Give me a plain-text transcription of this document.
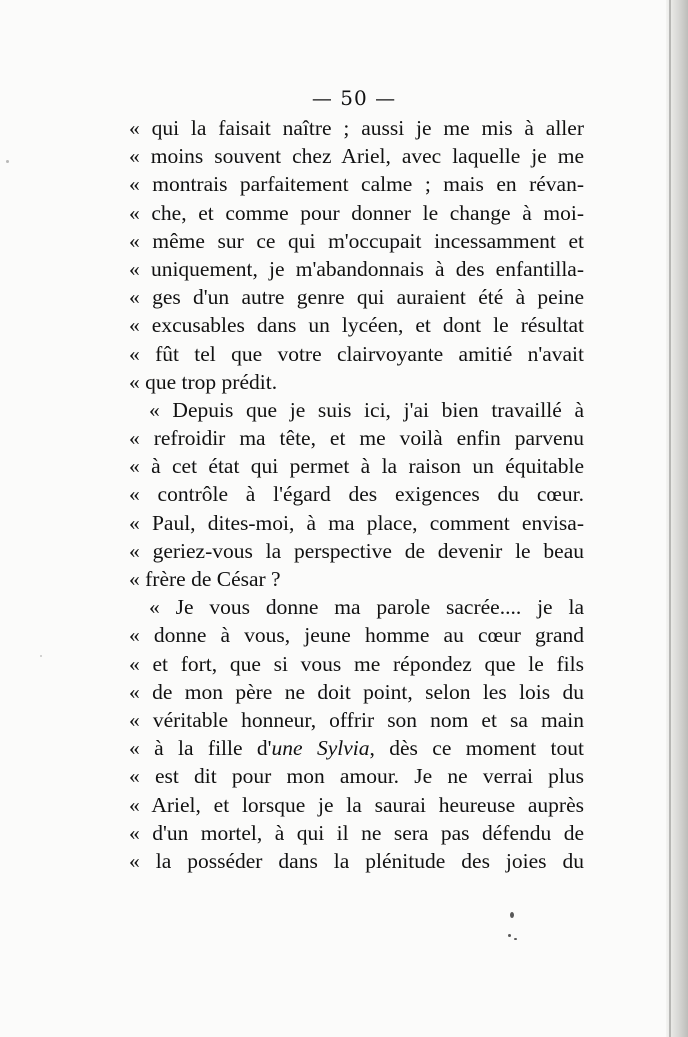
— 50 —
« qui la faisait naître ; aussi je me mis à aller
« moins souvent chez Ariel, avec laquelle je me
« montrais parfaitement calme ; mais en révan-
« che, et comme pour donner le change à moi-
« même sur ce qui m'occupait incessamment et
« uniquement, je m'abandonnais à des enfantilla-
« ges d'un autre genre qui auraient été à peine
« excusables dans un lycéen, et dont le résultat
« fût tel que votre clairvoyante amitié n'avait
« que trop prédit.
« Depuis que je suis ici, j'ai bien travaillé à
« refroidir ma tête, et me voilà enfin parvenu
« à cet état qui permet à la raison un équitable
« contrôle à l'égard des exigences du cœur.
« Paul, dites-moi, à ma place, comment envisa-
« geriez-vous la perspective de devenir le beau
« frère de César ?
« Je vous donne ma parole sacrée.... je la
« donne à vous, jeune homme au cœur grand
« et fort, que si vous me répondez que le fils
« de mon père ne doit point, selon les lois du
« véritable honneur, offrir son nom et sa main
« à la fille d'une Sylvia, dès ce moment tout
« est dit pour mon amour. Je ne verrai plus
« Ariel, et lorsque je la saurai heureuse auprès
« d'un mortel, à qui il ne sera pas défendu de
« la posséder dans la plénitude des joies du
